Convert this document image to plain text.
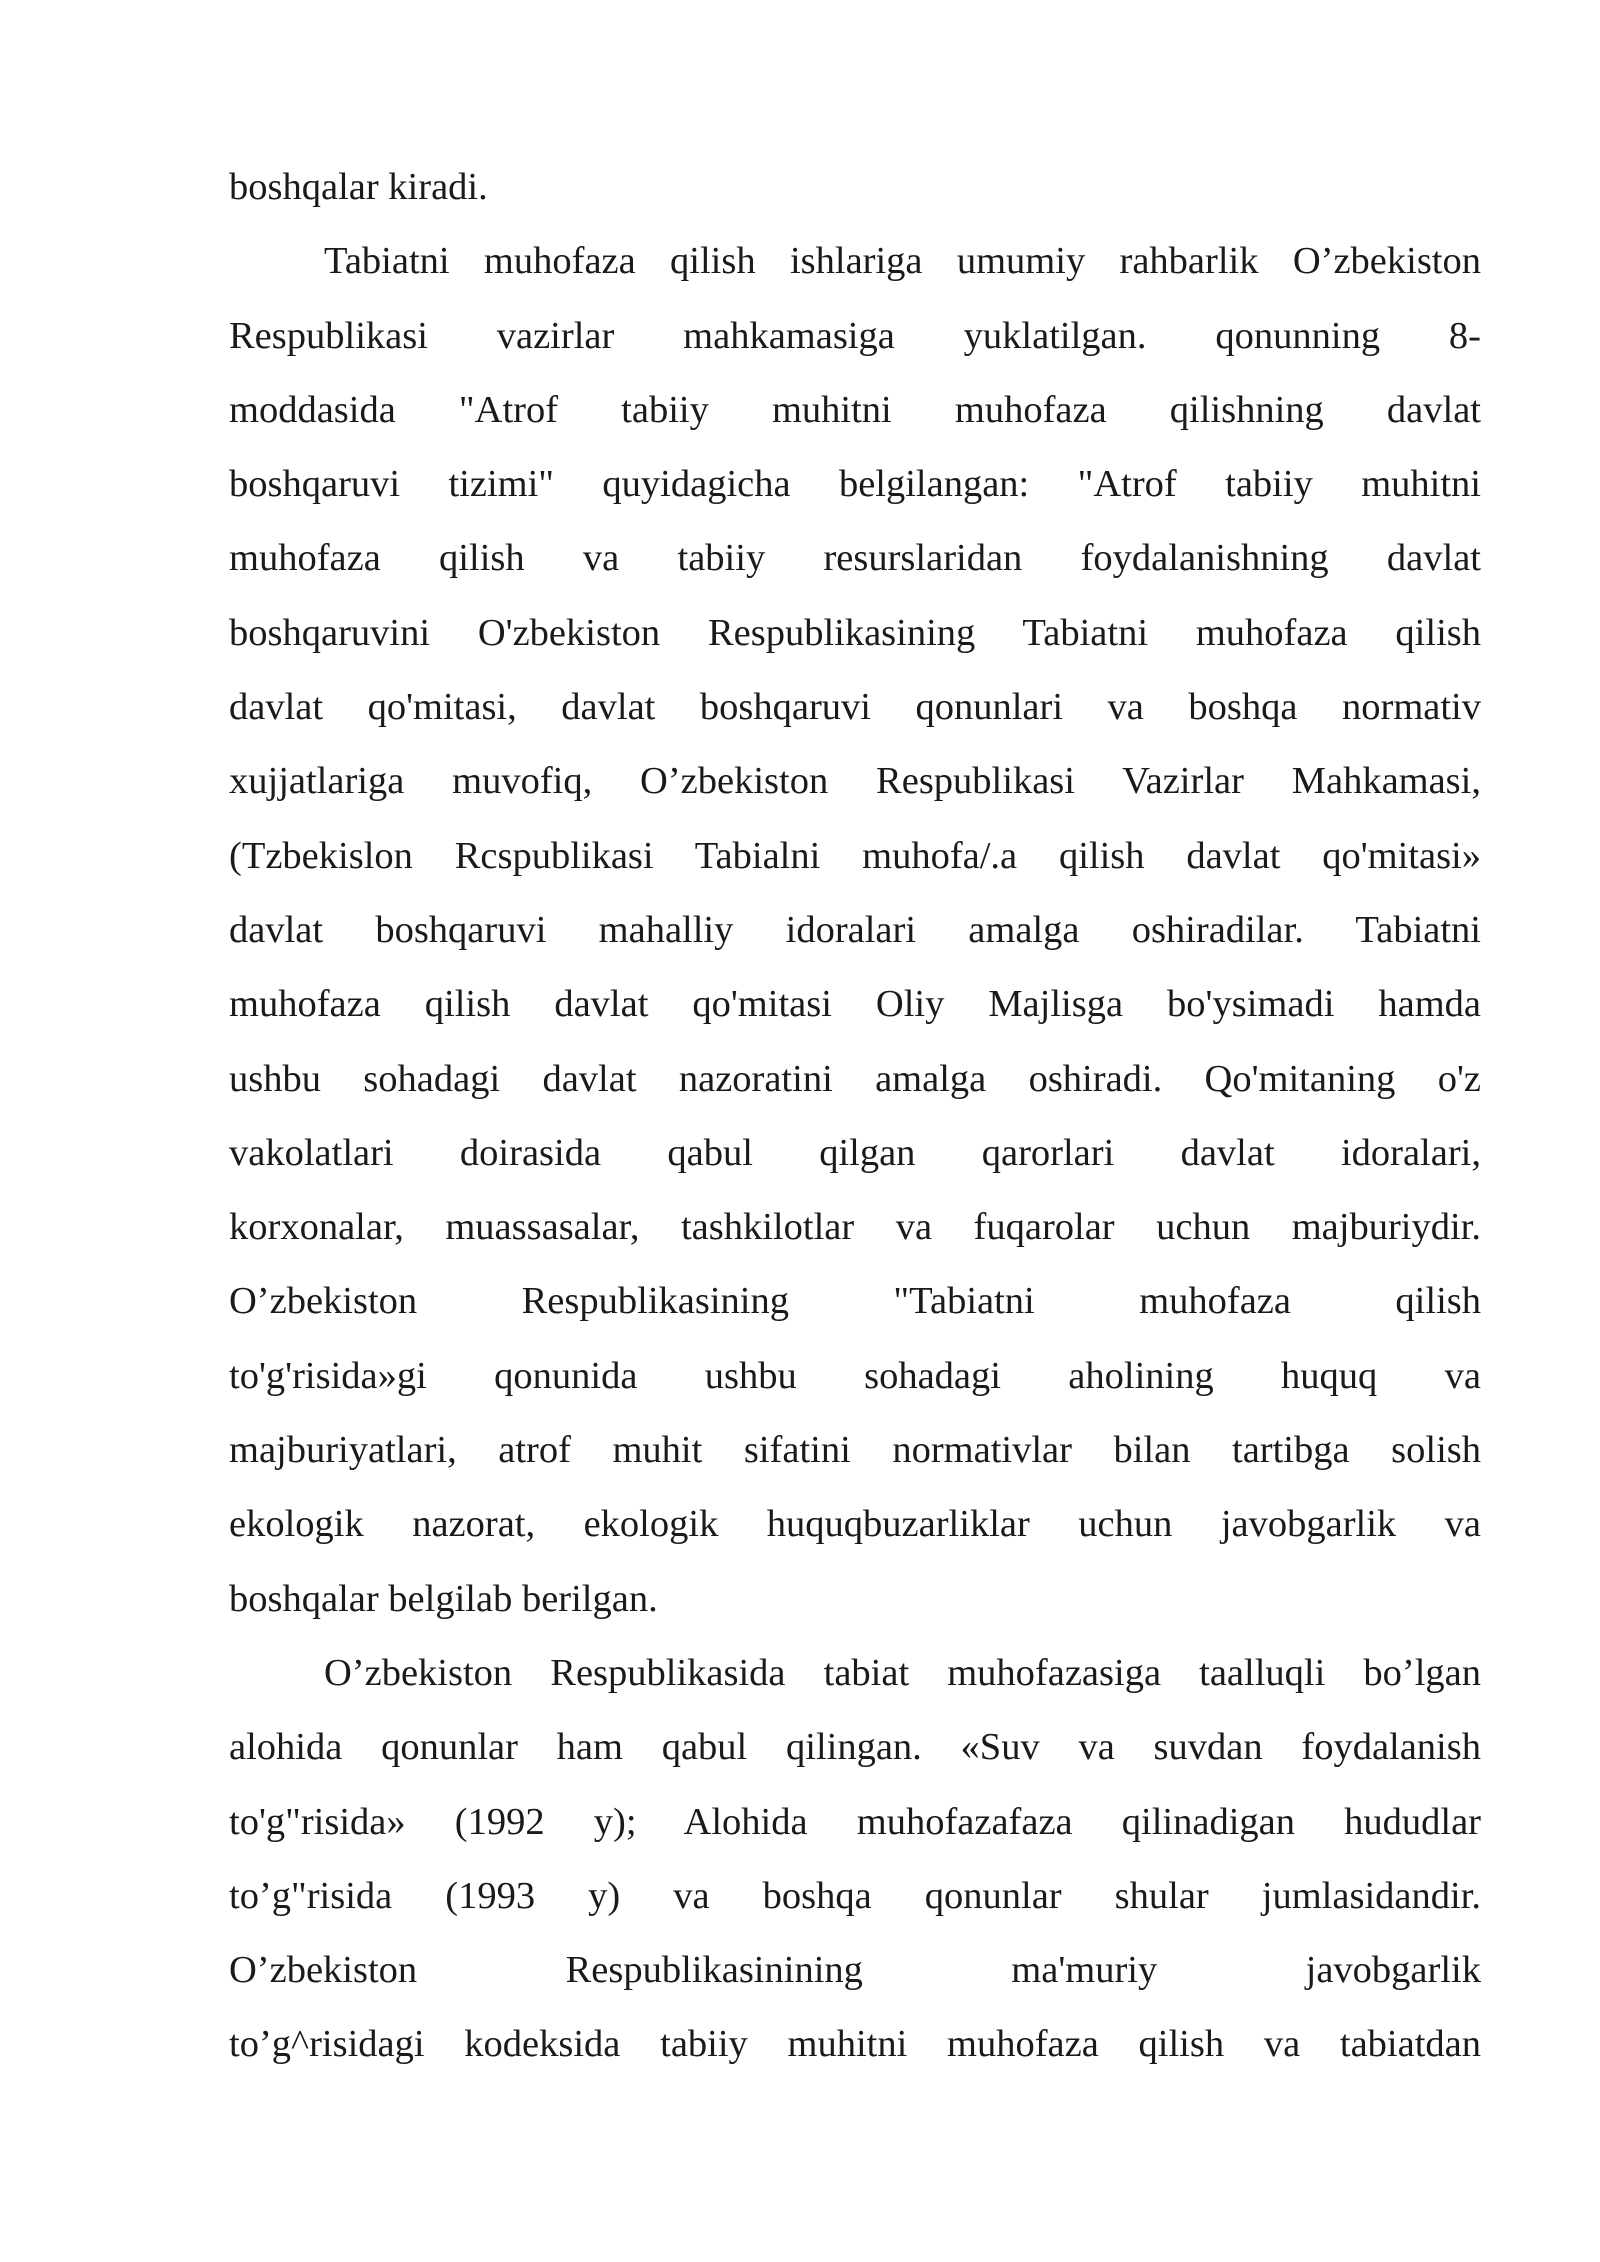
boshqalar kiradi.
Tabiatni muhofaza qilish ishlariga umumiy rahbarlik O’zbekiston
Respublikasi vazirlar mahkamasiga yuklatilgan. qonunning 8-
moddasida "Atrof tabiiy muhitni muhofaza qilishning davlat
boshqaruvi tizimi" quyidagicha belgilangan: "Atrof tabiiy muhitni
muhofaza qilish va tabiiy resurslaridan foydalanishning davlat
boshqaruvini O'zbekiston Respublikasining Tabiatni muhofaza qilish
davlat qo'mitasi, davlat boshqaruvi qonunlari va boshqa normativ
xujjatlariga muvofiq, O’zbekiston Respublikasi Vazirlar Mahkamasi,
(Tzbekislon Rcspublikasi Tabialni muhofa/.a qilish davlat qo'mitasi»
davlat boshqaruvi mahalliy idoralari amalga oshiradilar. Tabiatni
muhofaza qilish davlat qo'mitasi Oliy Majlisga bo'ysimadi hamda
ushbu sohadagi davlat nazoratini amalga oshiradi. Qo'mitaning o'z
vakolatlari doirasida qabul qilgan qarorlari davlat idoralari,
korxonalar, muassasalar, tashkilotlar va fuqarolar uchun majburiydir.
O’zbekiston Respublikasining "Tabiatni muhofaza qilish
to'g'risida»gi qonunida ushbu sohadagi aholining huquq va
majburiyatlari, atrof muhit sifatini normativlar bilan tartibga solish
ekologik nazorat, ekologik huquqbuzarliklar uchun javobgarlik va
boshqalar belgilab berilgan.
O’zbekiston Respublikasida tabiat muhofazasiga taalluqli bo’lgan
alohida qonunlar ham qabul qilingan. «Suv va suvdan foydalanish
to'g"risida» (1992 y); Alohida muhofazafaza qilinadigan hududlar
to’g"risida (1993 y) va boshqa qonunlar shular jumlasidandir.
O’zbekiston Respublikasinining ma'muriy javobgarlik
to’g^risidagi kodeksida tabiiy muhitni muhofaza qilish va tabiatdan
